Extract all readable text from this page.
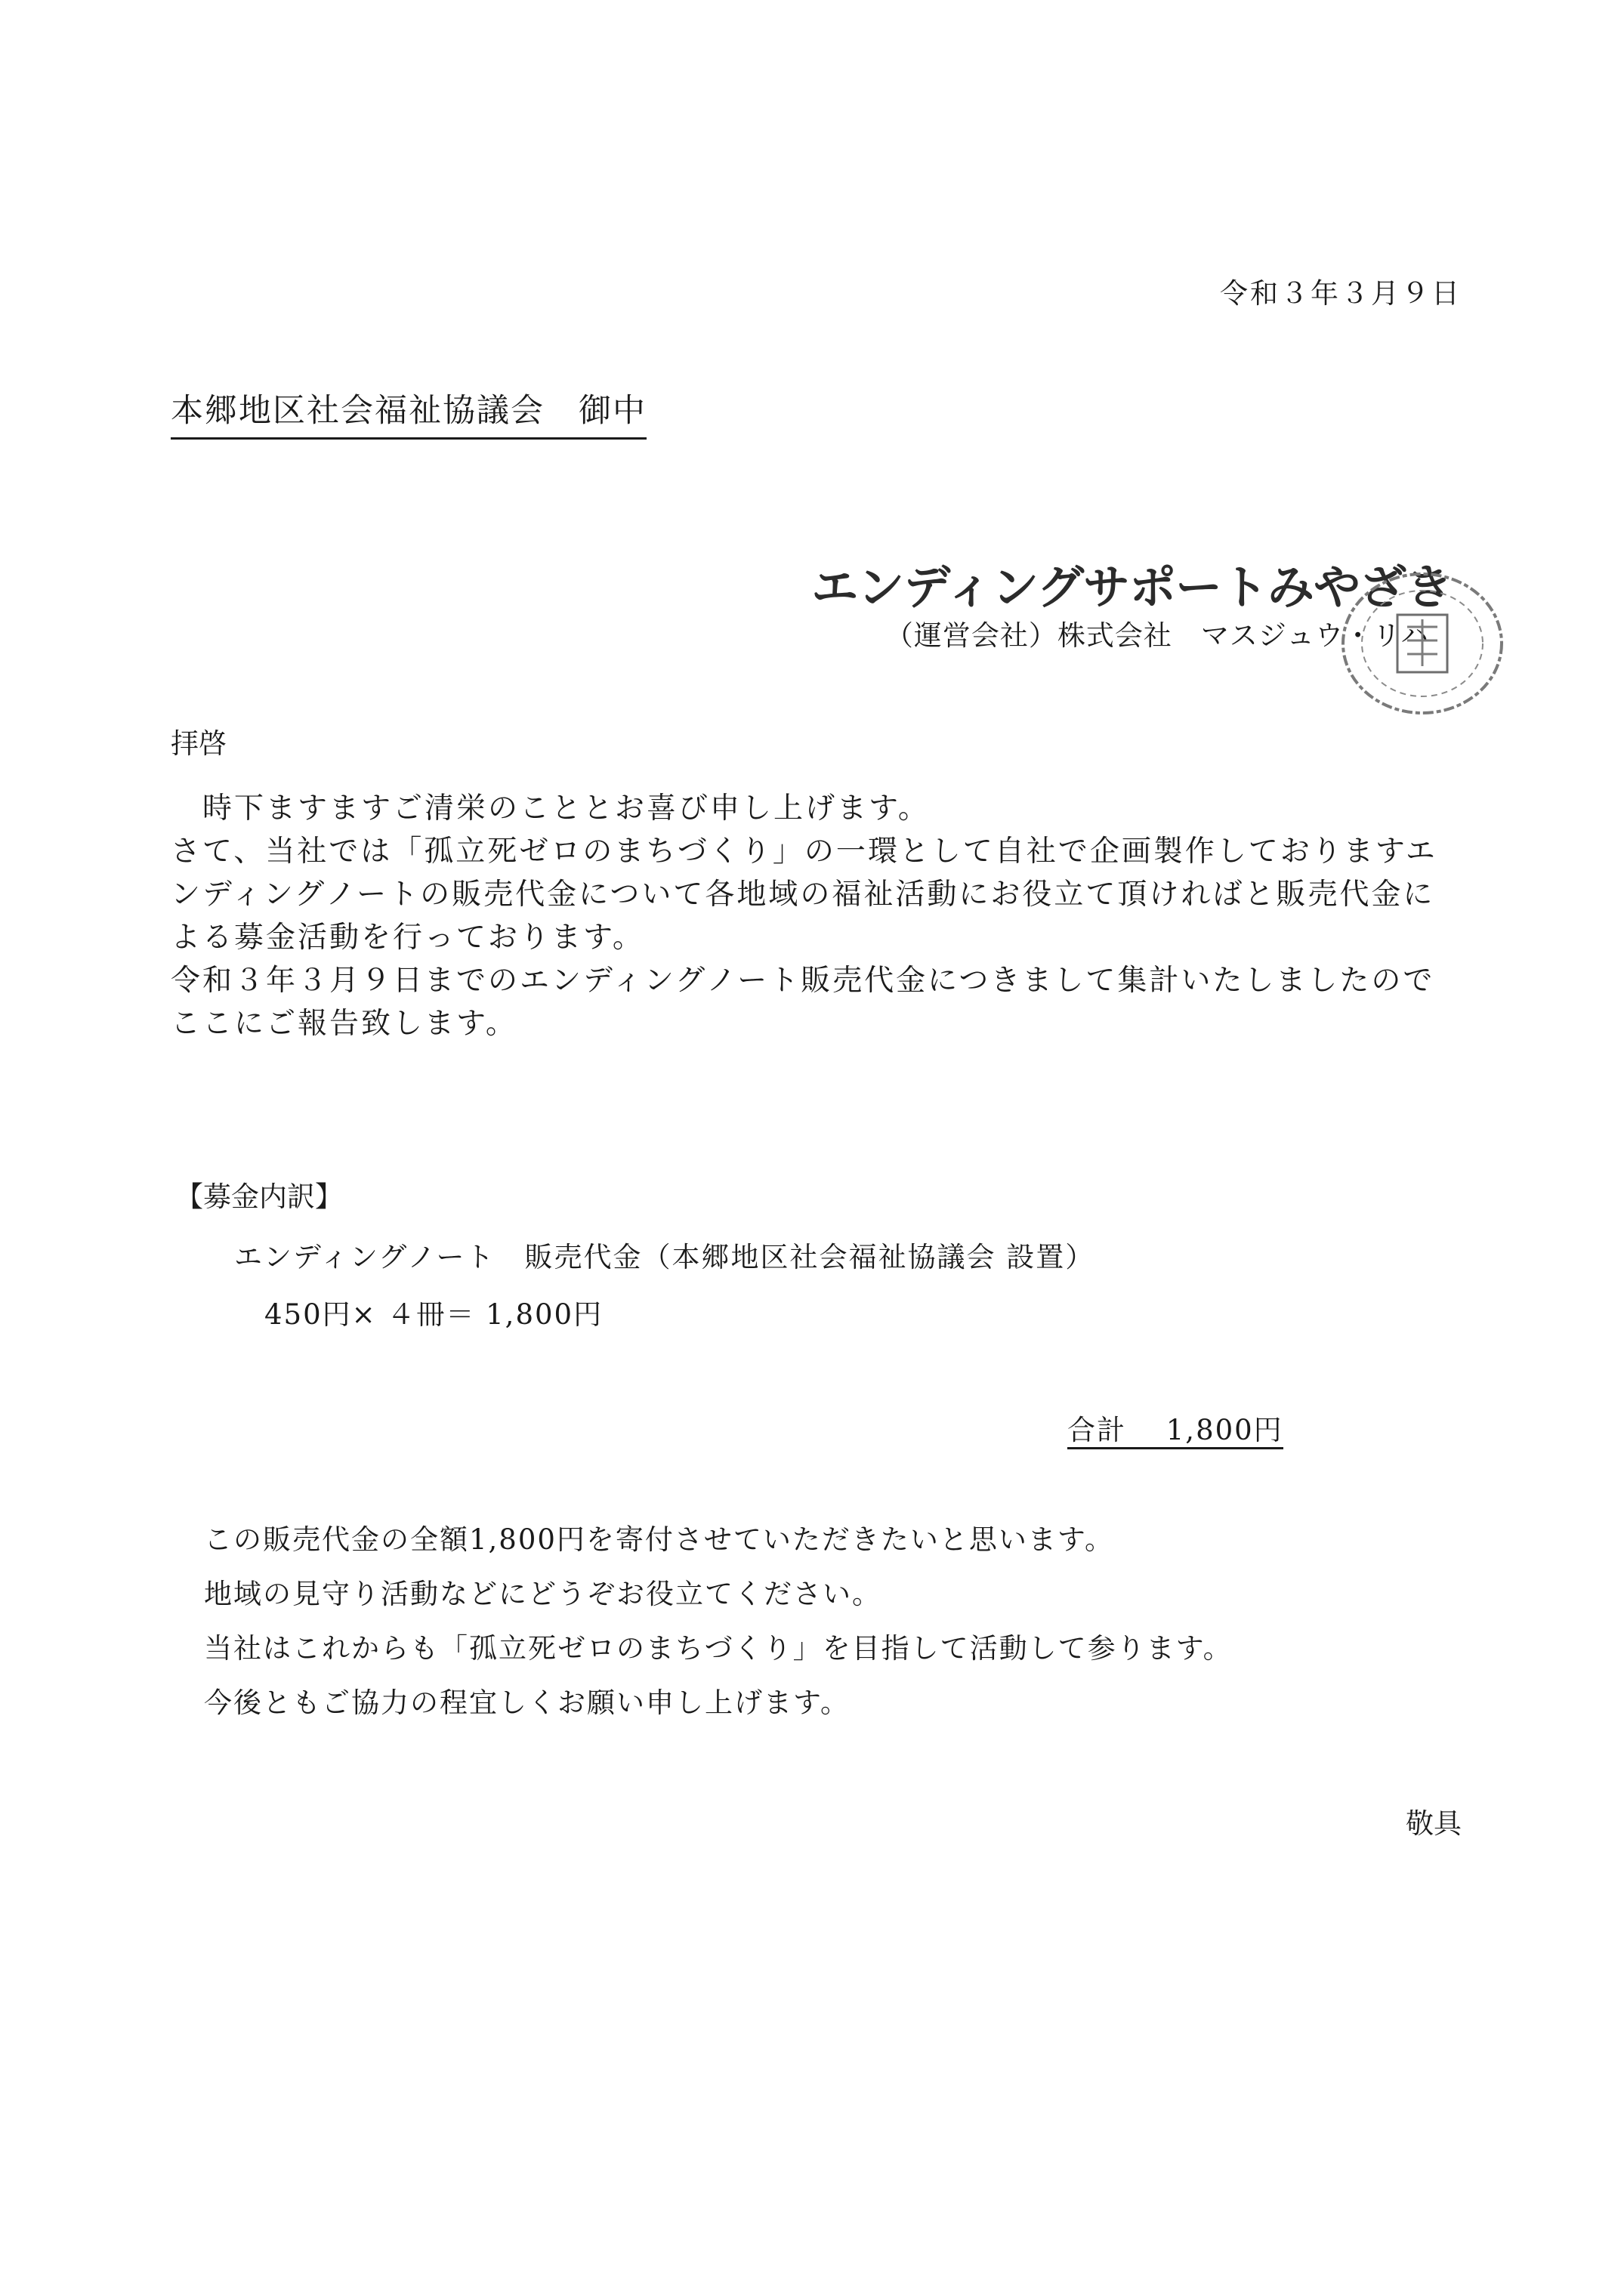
令和３年３月９日
本郷地区社会福祉協議会　御中
エンディングサポートみやざき
（運営会社）株式会社　マスジュウ・リハ
拝啓

　時下ますますご清栄のこととお喜び申し上げます。

さて、当社では「孤立死ゼロのまちづくり」の一環として自社で企画製作しておりますエンディングノートの販売代金について各地域の福祉活動にお役立て頂ければと販売代金による募金活動を行っております。

令和３年３月９日までのエンディングノート販売代金につきまして集計いたしましたのでここにご報告致します。

【募金内訳】
エンディングノート　販売代金（本郷地区社会福祉協議会 設置）
450円× ４冊＝ 1,800円
合計　 1,800円
この販売代金の全額1,800円を寄付させていただきたいと思います。
地域の見守り活動などにどうぞお役立てください。
当社はこれからも「孤立死ゼロのまちづくり」を目指して活動して参ります。
今後ともご協力の程宜しくお願い申し上げます。
敬具
